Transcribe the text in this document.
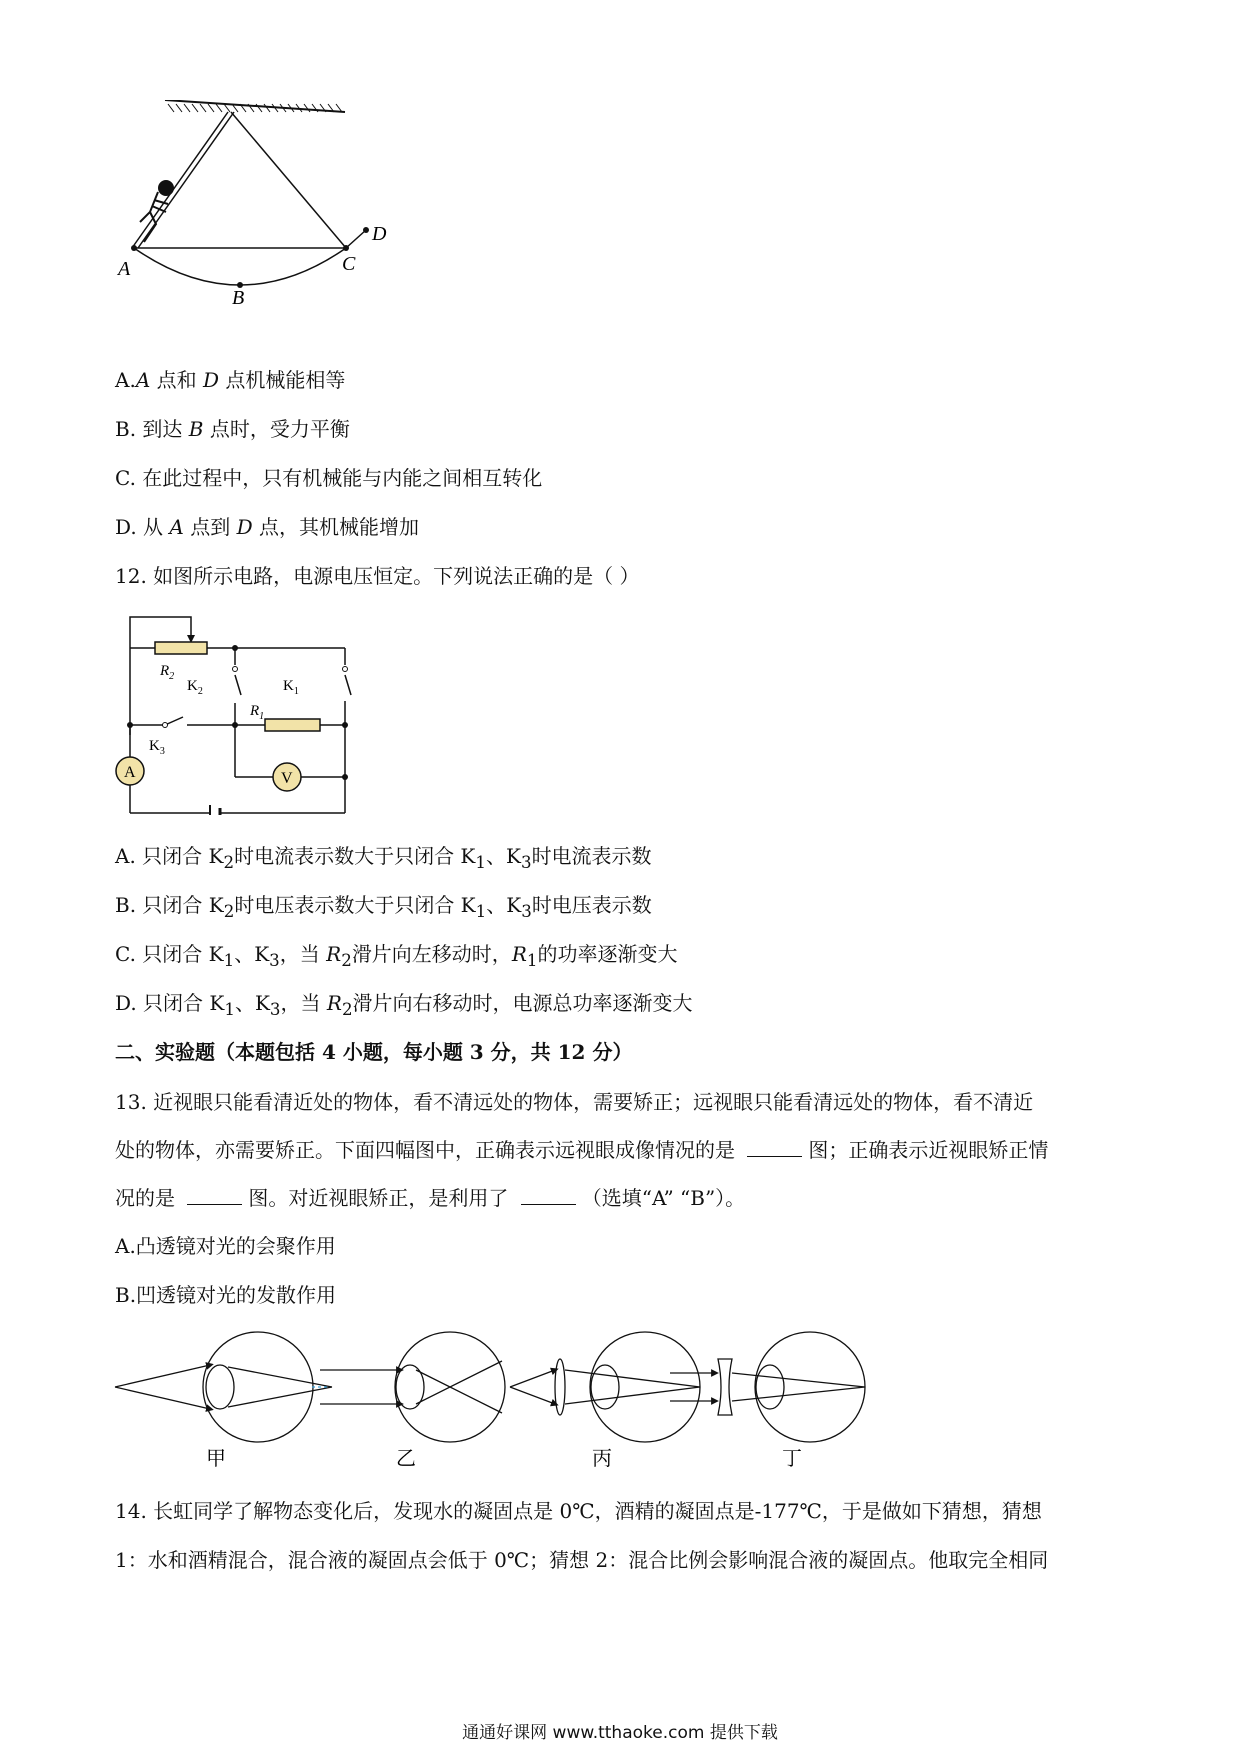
A
B
C
D
A.A 点和 D 点机械能相等
B. 到达 B 点时，受力平衡
C. 在此过程中，只有机械能与内能之间相互转化
D. 从 A 点到 D 点，其机械能增加
12. 如图所示电路，电源电压恒定。下列说法正确的是（ ）
A	V
$R_2$
$K_2$	$K_1$
$R_1$
$K_3$
A. 只闭合 $K_2$时电流表示数大于只闭合 $K_1$、$K_3$时电流表示数
B. 只闭合 $K_2$时电压表示数大于只闭合 $K_1$、$K_3$时电压表示数
C. 只闭合 $K_1$、$K_3$，当 $R_2$滑片向左移动时，$R_1$的功率逐渐变大
D. 只闭合 $K_1$、$K_3$，当 $R_2$滑片向右移动时，电源总功率逐渐变大
二、实验题（本题包括 4 小题，每小题 3 分，共 12 分）
13. 近视眼只能看清近处的物体，看不清远处的物体，需要矫正；远视眼只能看清远处的物体，看不清近
处的物体，亦需要矫正。下面四幅图中，正确表示远视眼成像情况的是	图；正确表示近视眼矫正情
况的是	图。对近视眼矫正，是利用了	（选填“A” “B”）。
A.凸透镜对光的会聚作用
B.凹透镜对光的发散作用
甲	乙	丙	丁
14. 长虹同学了解物态变化后，发现水的凝固点是 0℃，酒精的凝固点是-177℃，于是做如下猜想，猜想
1：水和酒精混合，混合液的凝固点会低于 0℃；猜想 2：混合比例会影响混合液的凝固点。他取完全相同
通通好课网 www.tthaoke.com 提供下载
